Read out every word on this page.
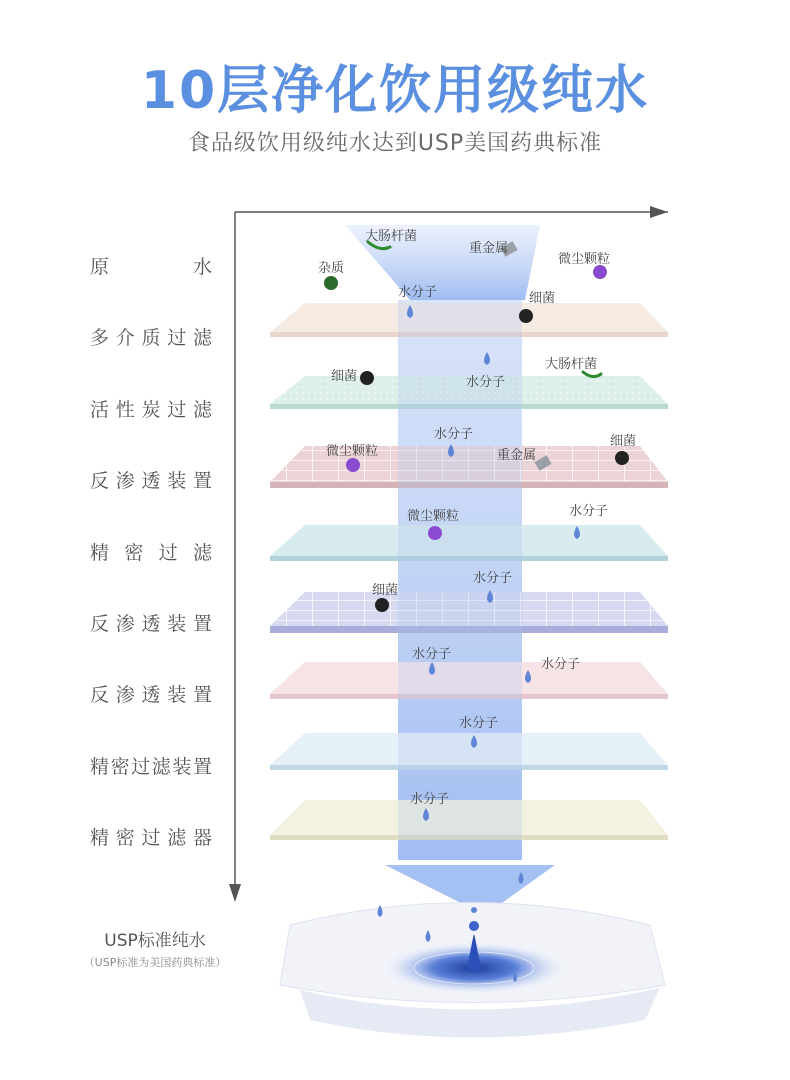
10层净化饮用级纯水
食品级饮用级纯水达到USP美国药典标准
原水
多介质过滤
活性炭过滤
反渗透装置
精密过滤
反渗透装置
反渗透装置
精密过滤装置
精密过滤器
USP标准纯水
（USP标准为美国药典标准）
大肠杆菌
重金属
微尘颗粒
杂质
水分子	细菌
细菌	水分子
大肠杆菌
微尘颗粒
水分子
重金属
细菌
微尘颗粒	水分子
细菌
水分子
水分子
水分子
水分子
水分子
